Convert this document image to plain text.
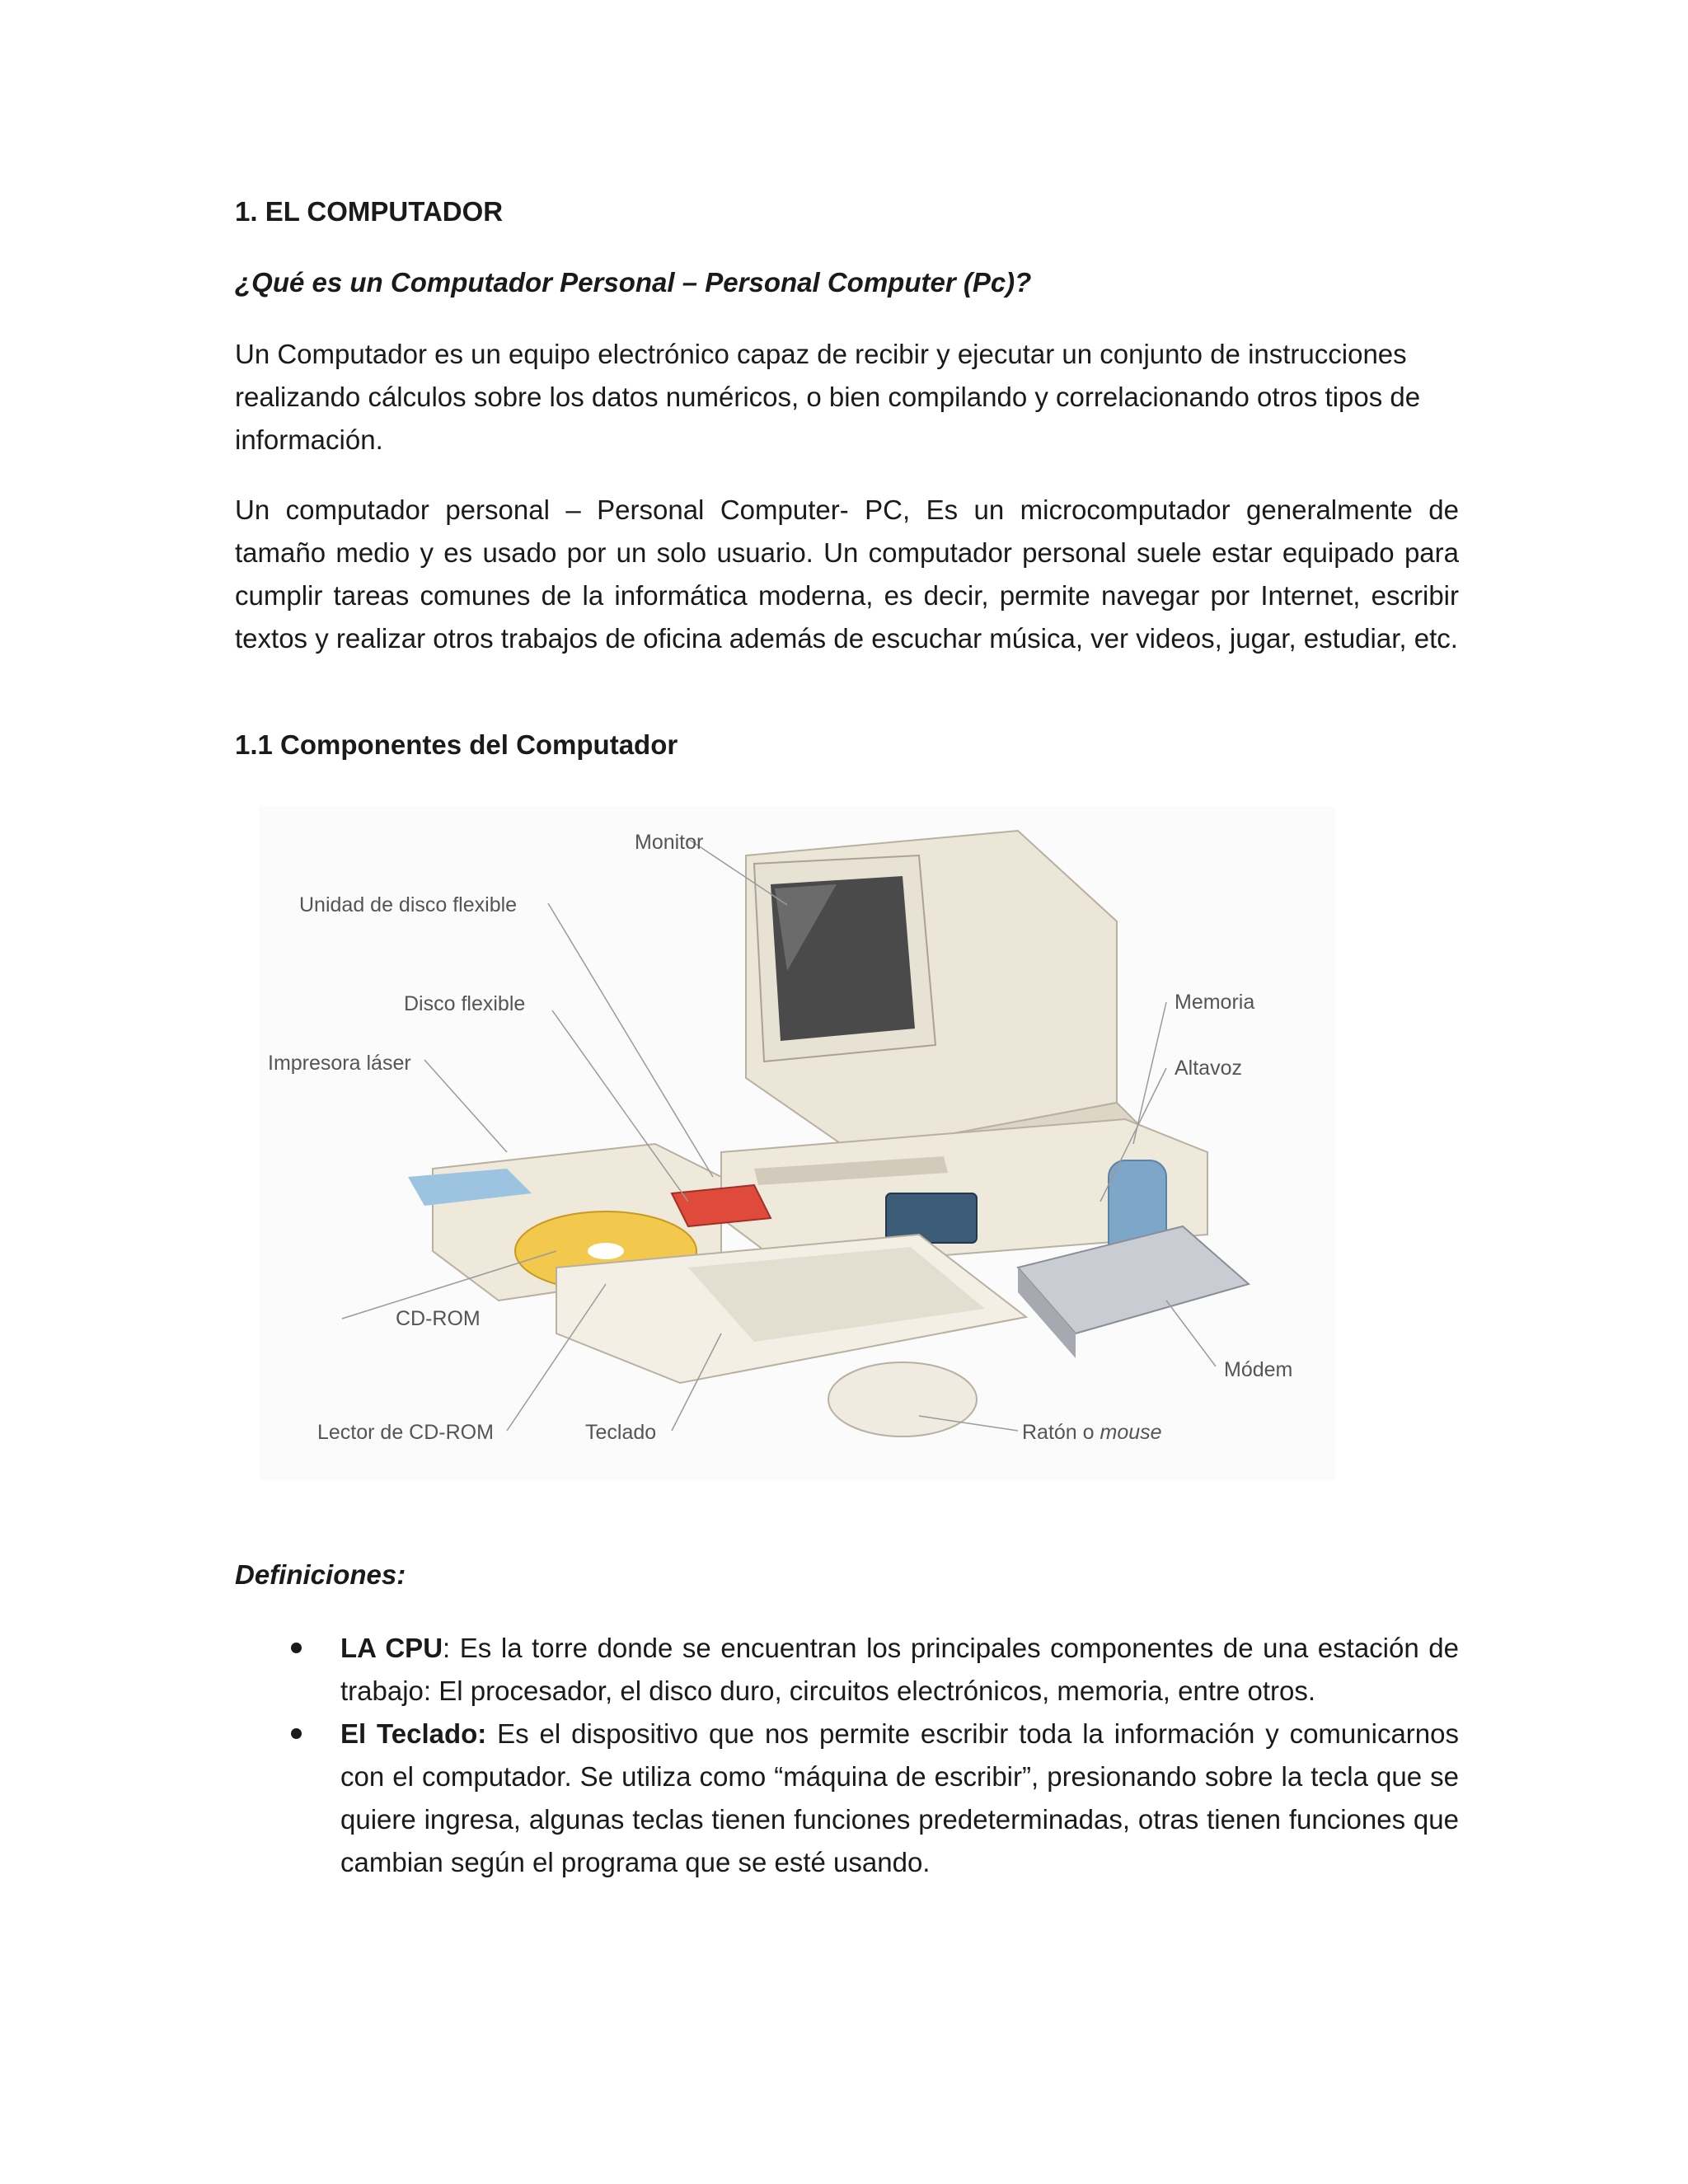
1. EL COMPUTADOR
¿Qué es un Computador Personal – Personal Computer (Pc)?
Un Computador es un equipo electrónico capaz de recibir y ejecutar un conjunto de instrucciones realizando cálculos sobre los datos numéricos, o bien compilando y correlacionando otros tipos de información.
Un computador personal – Personal Computer- PC, Es un microcomputador generalmente de tamaño medio y es usado por un solo usuario. Un computador personal suele estar equipado para cumplir tareas comunes de la informática moderna, es decir, permite navegar por Internet, escribir textos y realizar otros trabajos de oficina además de escuchar música, ver videos, jugar, estudiar, etc.
1.1 Componentes del Computador
Monitor
Unidad de disco flexible
Disco flexible
Impresora láser
Memoria
Altavoz
CD-ROM
Módem
Lector de CD-ROM	Teclado	Ratón o mouse
Definiciones:
LA CPU: Es la torre donde se encuentran los principales componentes de una estación de trabajo: El procesador, el disco duro, circuitos electrónicos, memoria, entre otros.
El Teclado: Es el dispositivo que nos permite escribir toda la información y comunicarnos con el computador. Se utiliza como “máquina de escribir”, presionando sobre la tecla que se quiere ingresa, algunas teclas tienen funciones predeterminadas, otras tienen funciones que cambian según el programa que se esté usando.
